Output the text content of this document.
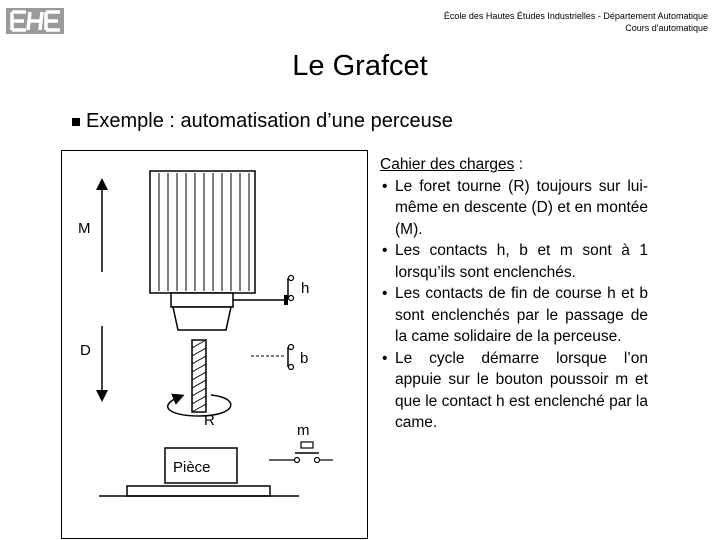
École des Hautes Études Industrielles - Département Automatique
Cours d'automatique
Le Grafcet
Exemple : automatisation d’une perceuse
M
D
h
b
m
R
Pièce
Cahier des charges :
• Le foret tourne (R) toujours sur lui-même en descente (D) et en montée (M).
• Les contacts h, b et m sont à 1 lorsqu’ils sont enclenchés.
• Les contacts de fin de course h et b sont enclenchés par le passage de la came solidaire de la perceuse.
• Le cycle démarre lorsque l’on appuie sur le bouton poussoir m et que le contact h est enclenché par la came.
